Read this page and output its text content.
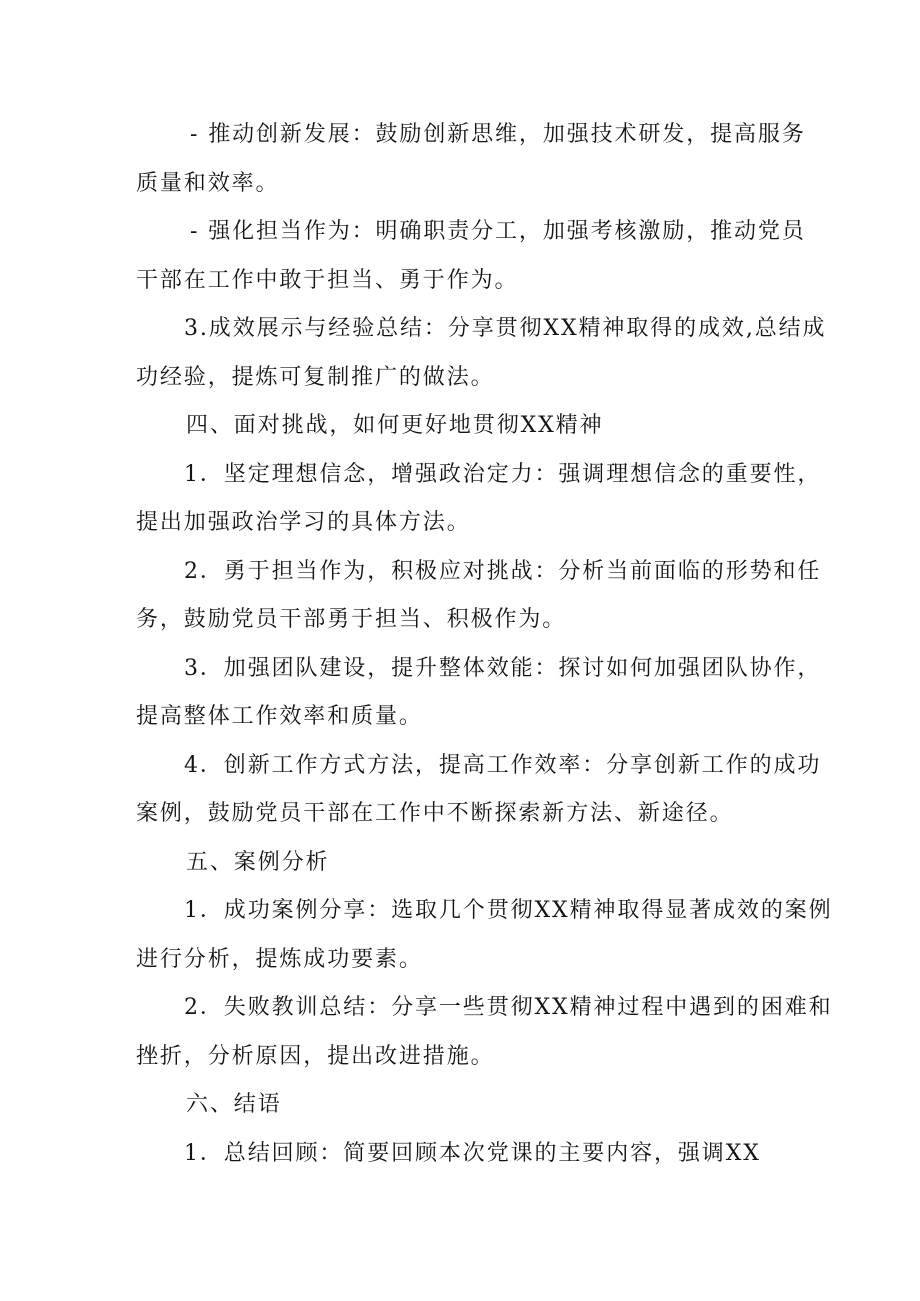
- 推动创新发展：鼓励创新思维，加强技术研发，提高服务
质量和效率。
- 强化担当作为：明确职责分工，加强考核激励，推动党员
干部在工作中敢于担当、勇于作为。
3.成效展示与经验总结：分享贯彻XX精神取得的成效,总结成
功经验，提炼可复制推广的做法。
四、面对挑战，如何更好地贯彻XX精神
1．坚定理想信念，增强政治定力：强调理想信念的重要性，
提出加强政治学习的具体方法。
2．勇于担当作为，积极应对挑战：分析当前面临的形势和任
务，鼓励党员干部勇于担当、积极作为。
3．加强团队建设，提升整体效能：探讨如何加强团队协作，
提高整体工作效率和质量。
4．创新工作方式方法，提高工作效率：分享创新工作的成功
案例，鼓励党员干部在工作中不断探索新方法、新途径。
五、案例分析
1．成功案例分享：选取几个贯彻XX精神取得显著成效的案例
进行分析，提炼成功要素。
2．失败教训总结：分享一些贯彻XX精神过程中遇到的困难和
挫折，分析原因，提出改进措施。
六、结语
1．总结回顾：简要回顾本次党课的主要内容，强调XX
